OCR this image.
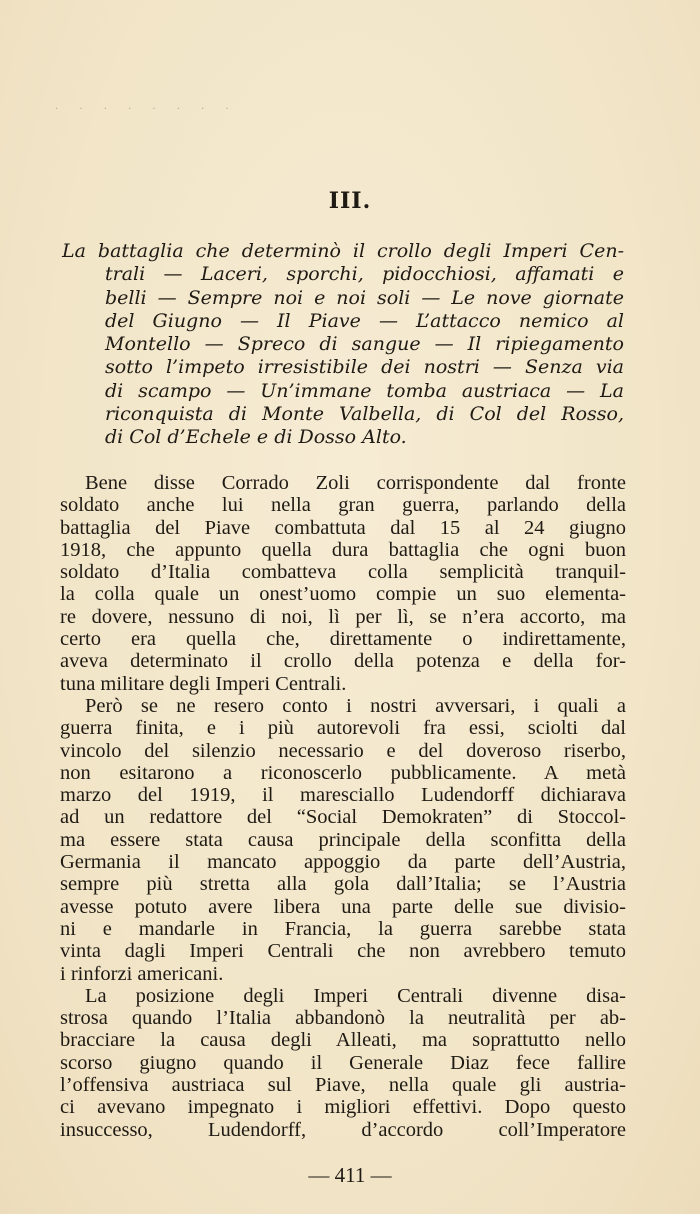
· · · · · · · ·
III.
La battaglia che determinò il crollo degli Imperi Cen-
trali — Laceri, sporchi, pidocchiosi, affamati e
belli — Sempre noi e noi soli — Le nove giornate
del Giugno — Il Piave — L’attacco nemico al
Montello — Spreco di sangue — Il ripiegamento
sotto l’impeto irresistibile dei nostri — Senza via
di scampo — Un’immane tomba austriaca — La
riconquista di Monte Valbella, di Col del Rosso,
di Col d’Echele e di Dosso Alto.
Bene disse Corrado Zoli corrispondente dal fronte
soldato anche lui nella gran guerra, parlando della
battaglia del Piave combattuta dal 15 al 24 giugno
1918, che appunto quella dura battaglia che ogni buon
soldato d’Italia combatteva colla semplicità tranquil-
la colla quale un onest’uomo compie un suo elementa-
re dovere, nessuno di noi, lì per lì, se n’era accorto, ma
certo era quella che, direttamente o indirettamente,
aveva determinato il crollo della potenza e della for-
tuna militare degli Imperi Centrali.
Però se ne resero conto i nostri avversari, i quali a
guerra finita, e i più autorevoli fra essi, sciolti dal
vincolo del silenzio necessario e del doveroso riserbo,
non esitarono a riconoscerlo pubblicamente. A metà
marzo del 1919, il maresciallo Ludendorff dichiarava
ad un redattore del “Social Demokraten” di Stoccol-
ma essere stata causa principale della sconfitta della
Germania il mancato appoggio da parte dell’Austria,
sempre più stretta alla gola dall’Italia; se l’Austria
avesse potuto avere libera una parte delle sue divisio-
ni e mandarle in Francia, la guerra sarebbe stata
vinta dagli Imperi Centrali che non avrebbero temuto
i rinforzi americani.
La posizione degli Imperi Centrali divenne disa-
strosa quando l’Italia abbandonò la neutralità per ab-
bracciare la causa degli Alleati, ma soprattutto nello
scorso giugno quando il Generale Diaz fece fallire
l’offensiva austriaca sul Piave, nella quale gli austria-
ci avevano impegnato i migliori effettivi. Dopo questo
insuccesso, Ludendorff, d’accordo coll’Imperatore
— 411 —
